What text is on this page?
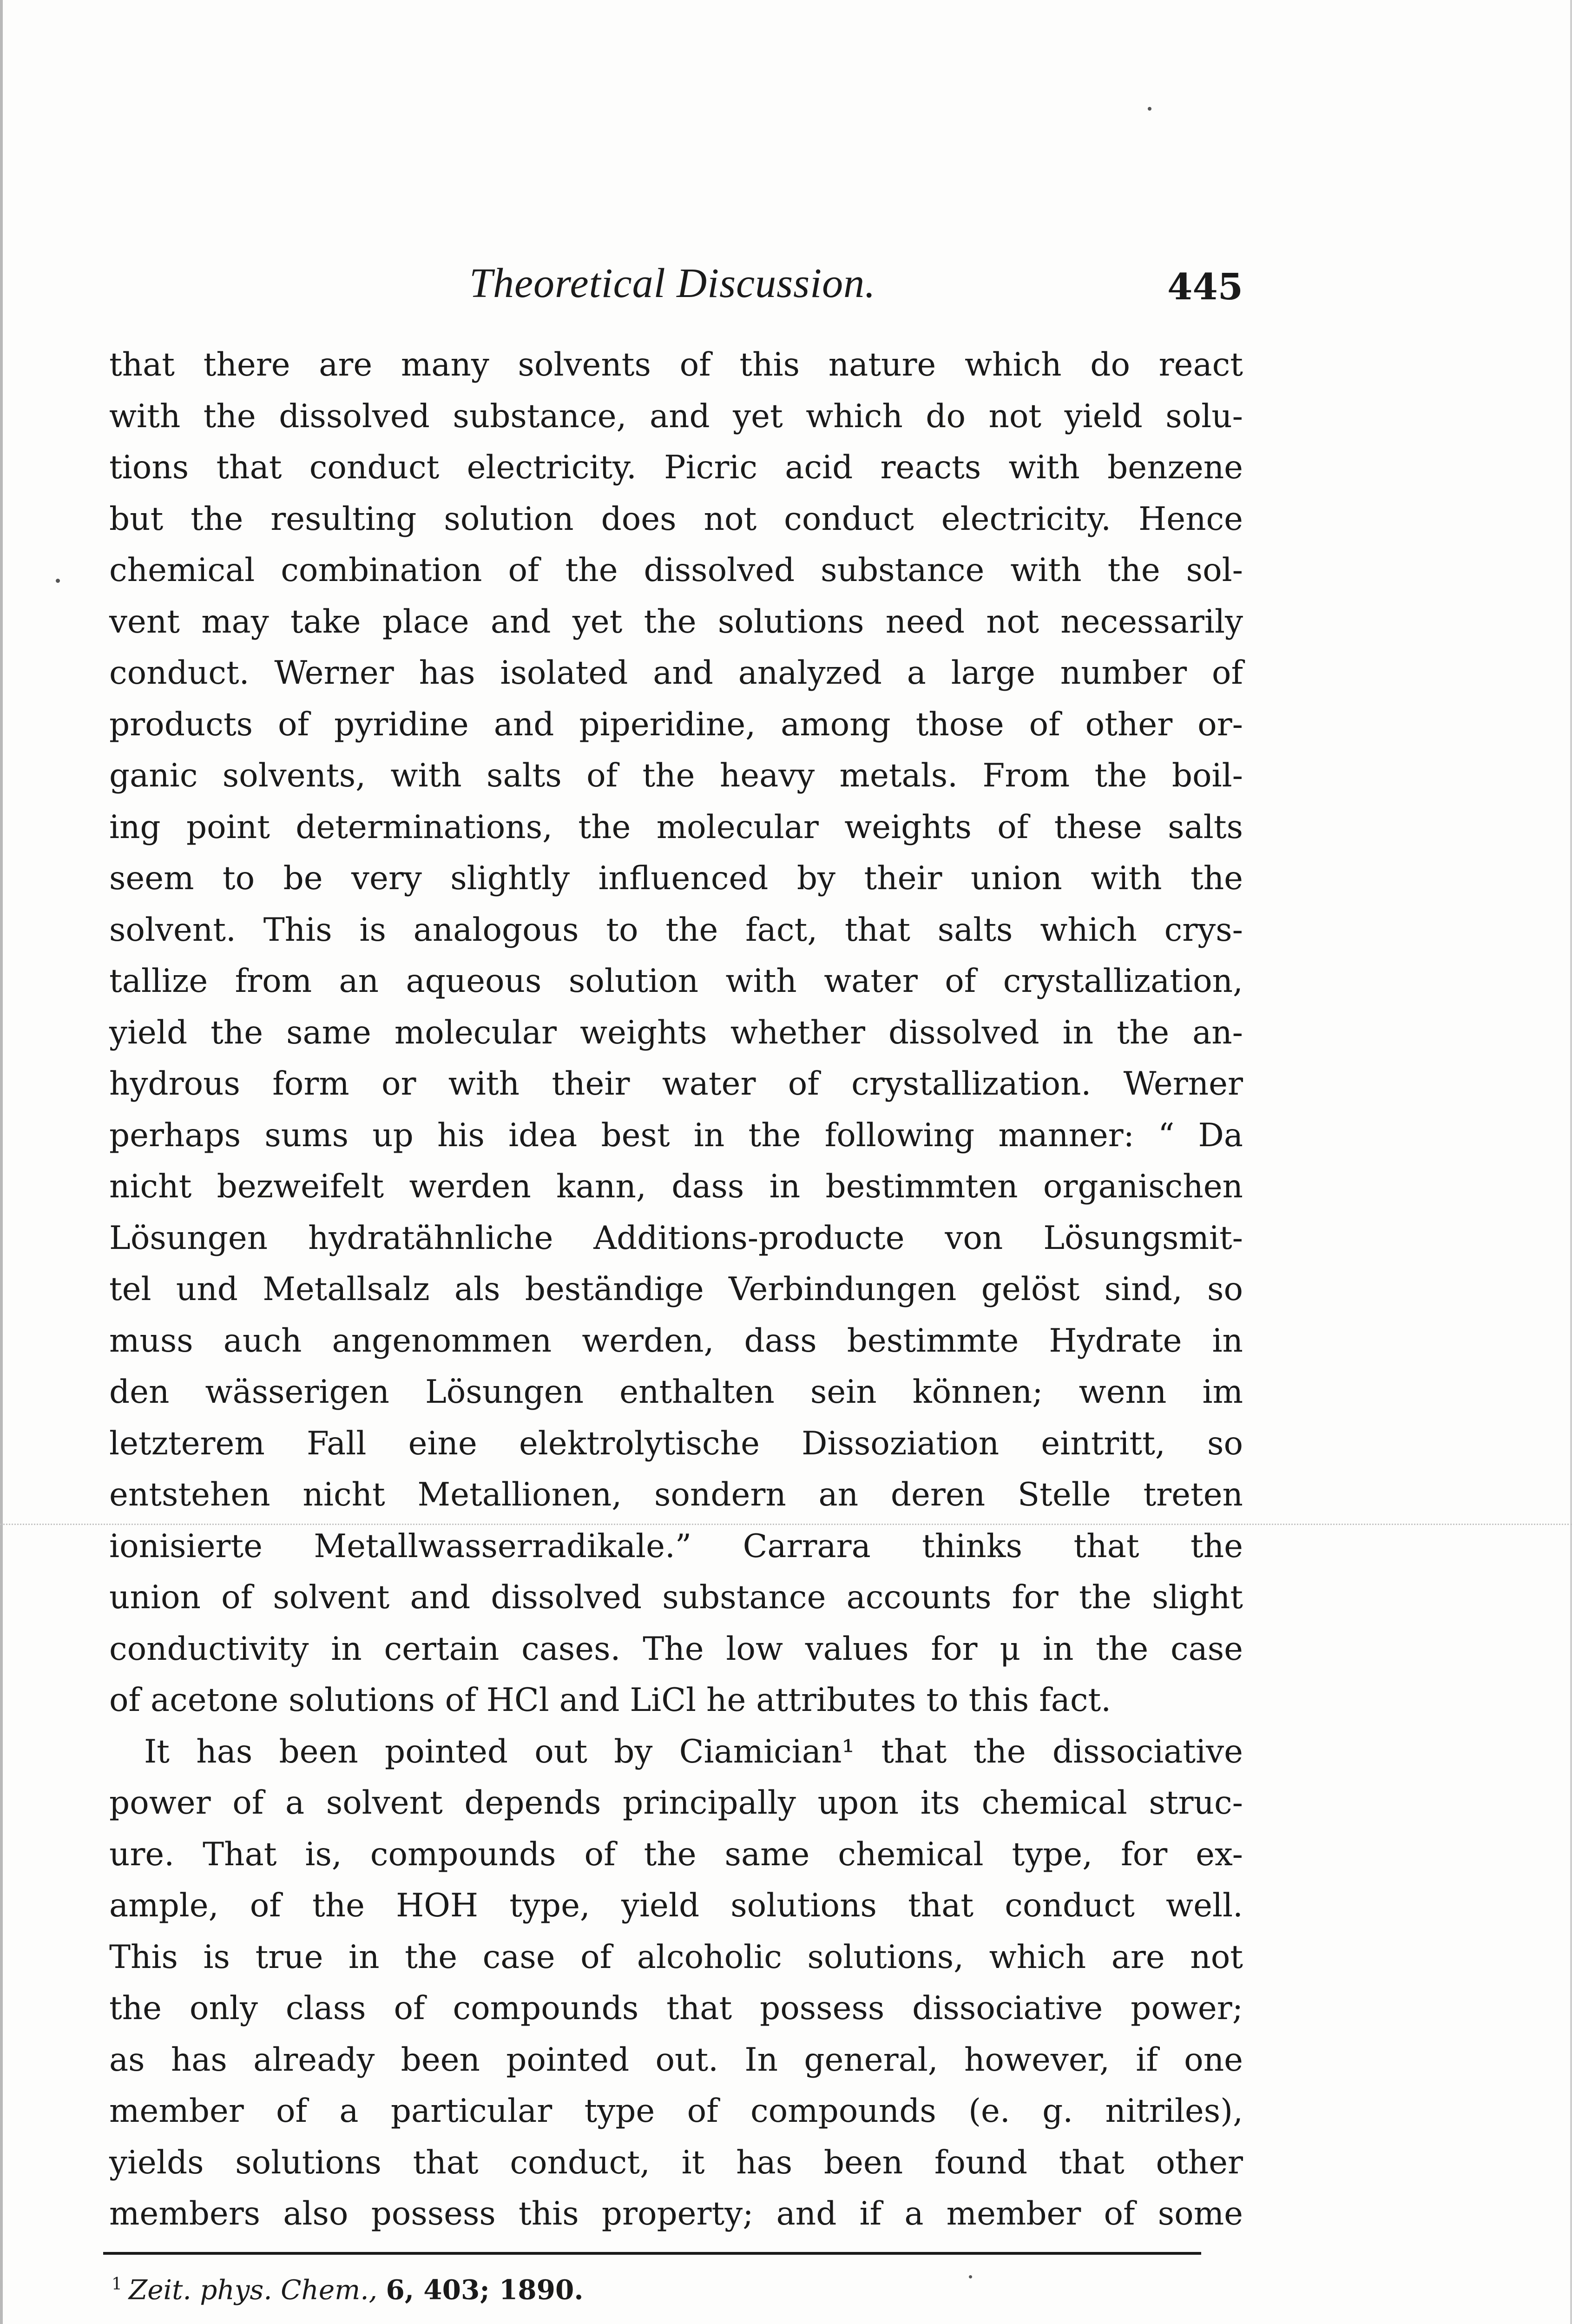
Theoretical Discussion.	445
that there are many solvents of this nature which do react
with the dissolved substance, and yet which do not yield solu-
tions that conduct electricity. Picric acid reacts with benzene
but the resulting solution does not conduct electricity. Hence
chemical combination of the dissolved substance with the sol-
vent may take place and yet the solutions need not necessarily
conduct. Werner has isolated and analyzed a large number of
products of pyridine and piperidine, among those of other or-
ganic solvents, with salts of the heavy metals. From the boil-
ing point determinations, the molecular weights of these salts
seem to be very slightly influenced by their union with the
solvent. This is analogous to the fact, that salts which crys-
tallize from an aqueous solution with water of crystallization,
yield the same molecular weights whether dissolved in the an-
hydrous form or with their water of crystallization. Werner
perhaps sums up his idea best in the following manner: “ Da
nicht bezweifelt werden kann, dass in bestimmten organischen
Lösungen hydratähnliche Additions-producte von Lösungsmit-
tel und Metallsalz als beständige Verbindungen gelöst sind, so
muss auch angenommen werden, dass bestimmte Hydrate in
den wässerigen Lösungen enthalten sein können; wenn im
letzterem Fall eine elektrolytische Dissoziation eintritt, so
entstehen nicht Metallionen, sondern an deren Stelle treten
ionisierte Metallwasserradikale.” Carrara thinks that the
union of solvent and dissolved substance accounts for the slight
conductivity in certain cases. The low values for μ in the case
of acetone solutions of HCl and LiCl he attributes to this fact.
It has been pointed out by Ciamician¹ that the dissociative
power of a solvent depends principally upon its chemical struc-
ure. That is, compounds of the same chemical type, for ex-
ample, of the HOH type, yield solutions that conduct well.
This is true in the case of alcoholic solutions, which are not
the only class of compounds that possess dissociative power;
as has already been pointed out. In general, however, if one
member of a particular type of compounds (e. g. nitriles),
yields solutions that conduct, it has been found that other
members also possess this property; and if a member of some
$^1$ Zeit. phys. Chem., 6, 403; 1890.
